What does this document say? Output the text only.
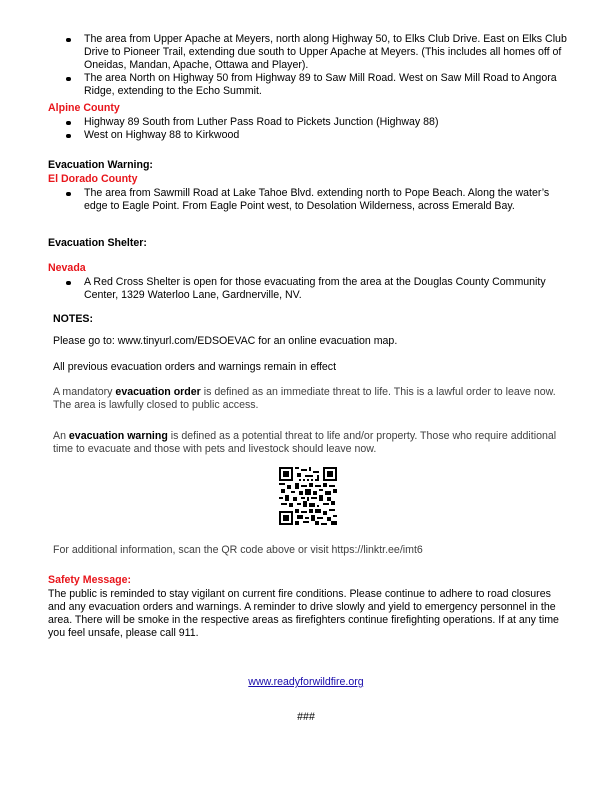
The area from Upper Apache at Meyers, north along Highway 50, to Elks Club Drive. East on Elks Club Drive to Pioneer Trail, extending due south to Upper Apache at Meyers. (This includes all homes off of Oneidas, Mandan, Apache, Ottawa and Player).
The area North on Highway 50 from Highway 89 to Saw Mill Road. West on Saw Mill Road to Angora Ridge, extending to the Echo Summit.
Alpine County
Highway 89 South from Luther Pass Road to Pickets Junction (Highway 88)
West on Highway 88 to Kirkwood
Evacuation Warning:
El Dorado County
The area from Sawmill Road at Lake Tahoe Blvd. extending north to Pope Beach. Along the water’s edge to Eagle Point. From Eagle Point west, to Desolation Wilderness, across Emerald Bay.
Evacuation Shelter:
Nevada
A Red Cross Shelter is open for those evacuating from the area at the Douglas County Community Center, 1329 Waterloo Lane, Gardnerville, NV.
NOTES:
Please go to: www.tinyurl.com/EDSOEVAC for an online evacuation map.
All previous evacuation orders and warnings remain in effect
A mandatory evacuation order is defined as an immediate threat to life. This is a lawful order to leave now. The area is lawfully closed to public access.
An evacuation warning is defined as a potential threat to life and/or property. Those who require additional time to evacuate and those with pets and livestock should leave now.
For additional information, scan the QR code above or visit https://linktr.ee/imt6
Safety Message:
The public is reminded to stay vigilant on current fire conditions. Please continue to adhere to road closures and any evacuation orders and warnings. A reminder to drive slowly and yield to emergency personnel in the area. There will be smoke in the respective areas as firefighters continue firefighting operations. If at any time you feel unsafe, please call 911.
www.readyforwildfire.org
###
